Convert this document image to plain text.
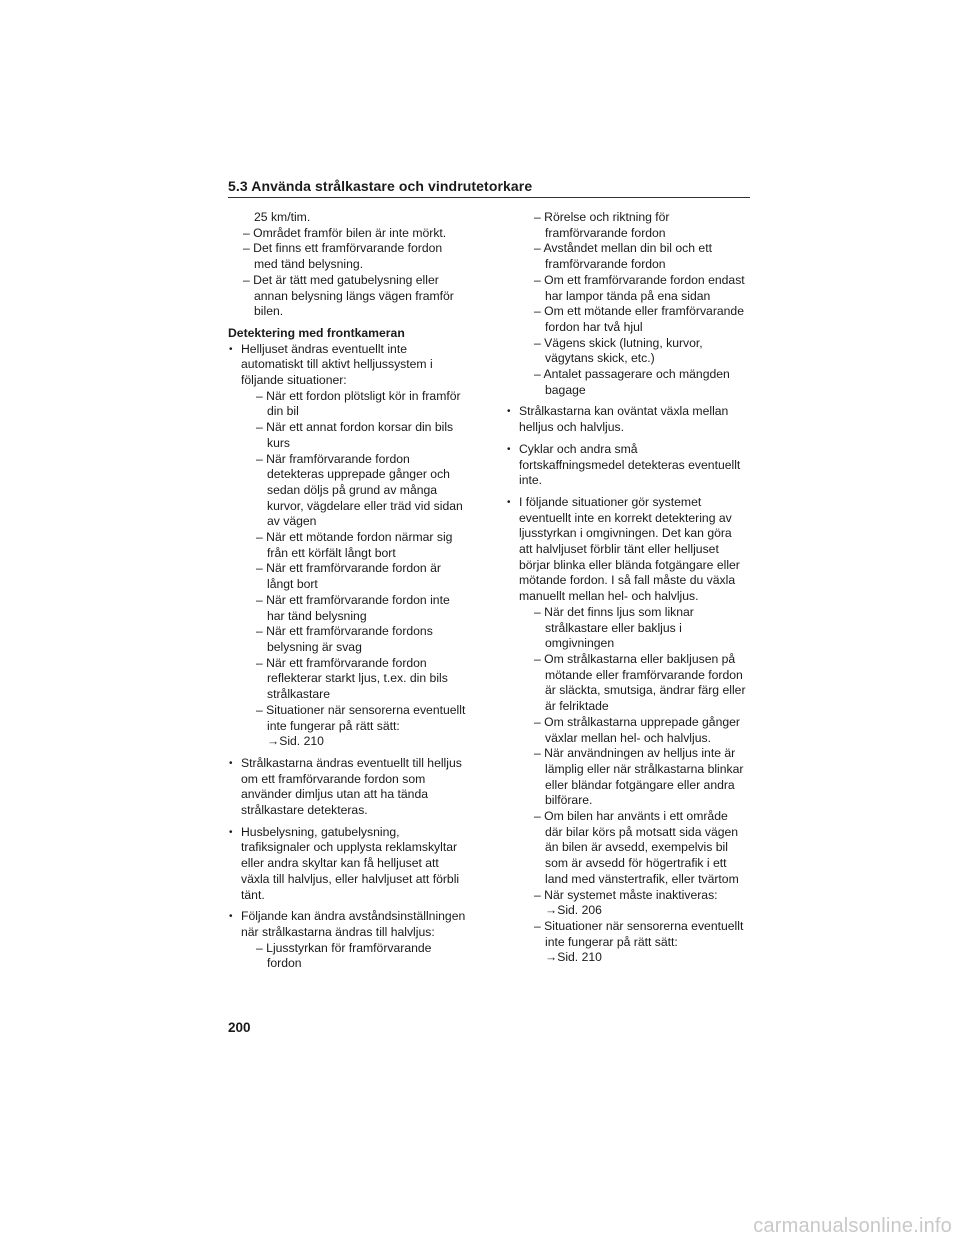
5.3 Använda strålkastare och vindrutetorkare

25 km/tim.

– Området framför bilen är inte mörkt.

– Det finns ett framförvarande fordon med tänd belysning.

– Det är tätt med gatubelysning eller annan belysning längs vägen framför bilen.

Detektering med frontkameran

• Helljuset ändras eventuellt inte automatiskt till aktivt helljussystem i följande situationer:

– När ett fordon plötsligt kör in framför din bil

– När ett annat fordon korsar din bils kurs

– När framförvarande fordon detekteras upprepade gånger och sedan döljs på grund av många kurvor, vägdelare eller träd vid sidan av vägen

– När ett mötande fordon närmar sig från ett körfält långt bort

– När ett framförvarande fordon är långt bort

– När ett framförvarande fordon inte har tänd belysning

– När ett framförvarande fordons belysning är svag

– När ett framförvarande fordon reflekterar starkt ljus, t.ex. din bils strålkastare

– Situationer när sensorerna eventuellt inte fungerar på rätt sätt:

→Sid. 210

• Strålkastarna ändras eventuellt till helljus om ett framförvarande fordon som använder dimljus utan att ha tända strålkastare detekteras.

• Husbelysning, gatubelysning, trafiksignaler och upplysta reklamskyltar eller andra skyltar kan få helljuset att växla till halvljus, eller halvljuset att förbli tänt.

• Följande kan ändra avståndsinställningen när strålkastarna ändras till halvljus:

– Ljusstyrkan för framförvarande fordon

– Rörelse och riktning för framförvarande fordon

– Avståndet mellan din bil och ett framförvarande fordon

– Om ett framförvarande fordon endast har lampor tända på ena sidan

– Om ett mötande eller framförvarande fordon har två hjul

– Vägens skick (lutning, kurvor, vägytans skick, etc.)

– Antalet passagerare och mängden bagage

• Strålkastarna kan oväntat växla mellan helljus och halvljus.

• Cyklar och andra små fortskaffningsmedel detekteras eventuellt inte.

• I följande situationer gör systemet eventuellt inte en korrekt detektering av ljusstyrkan i omgivningen. Det kan göra att halvljuset förblir tänt eller helljuset börjar blinka eller blända fotgängare eller mötande fordon. I så fall måste du växla manuellt mellan hel- och halvljus.

– När det finns ljus som liknar strålkastare eller bakljus i omgivningen

– Om strålkastarna eller bakljusen på mötande eller framförvarande fordon är släckta, smutsiga, ändrar färg eller är felriktade

– Om strålkastarna upprepade gånger växlar mellan hel- och halvljus.

– När användningen av helljus inte är lämplig eller när strålkastarna blinkar eller bländar fotgängare eller andra bilförare.

– Om bilen har använts i ett område där bilar körs på motsatt sida vägen än bilen är avsedd, exempelvis bil som är avsedd för högertrafik i ett land med vänstertrafik, eller tvärtom

– När systemet måste inaktiveras:

→Sid. 206

– Situationer när sensorerna eventuellt inte fungerar på rätt sätt:

→Sid. 210

200
carmanualsonline.info
